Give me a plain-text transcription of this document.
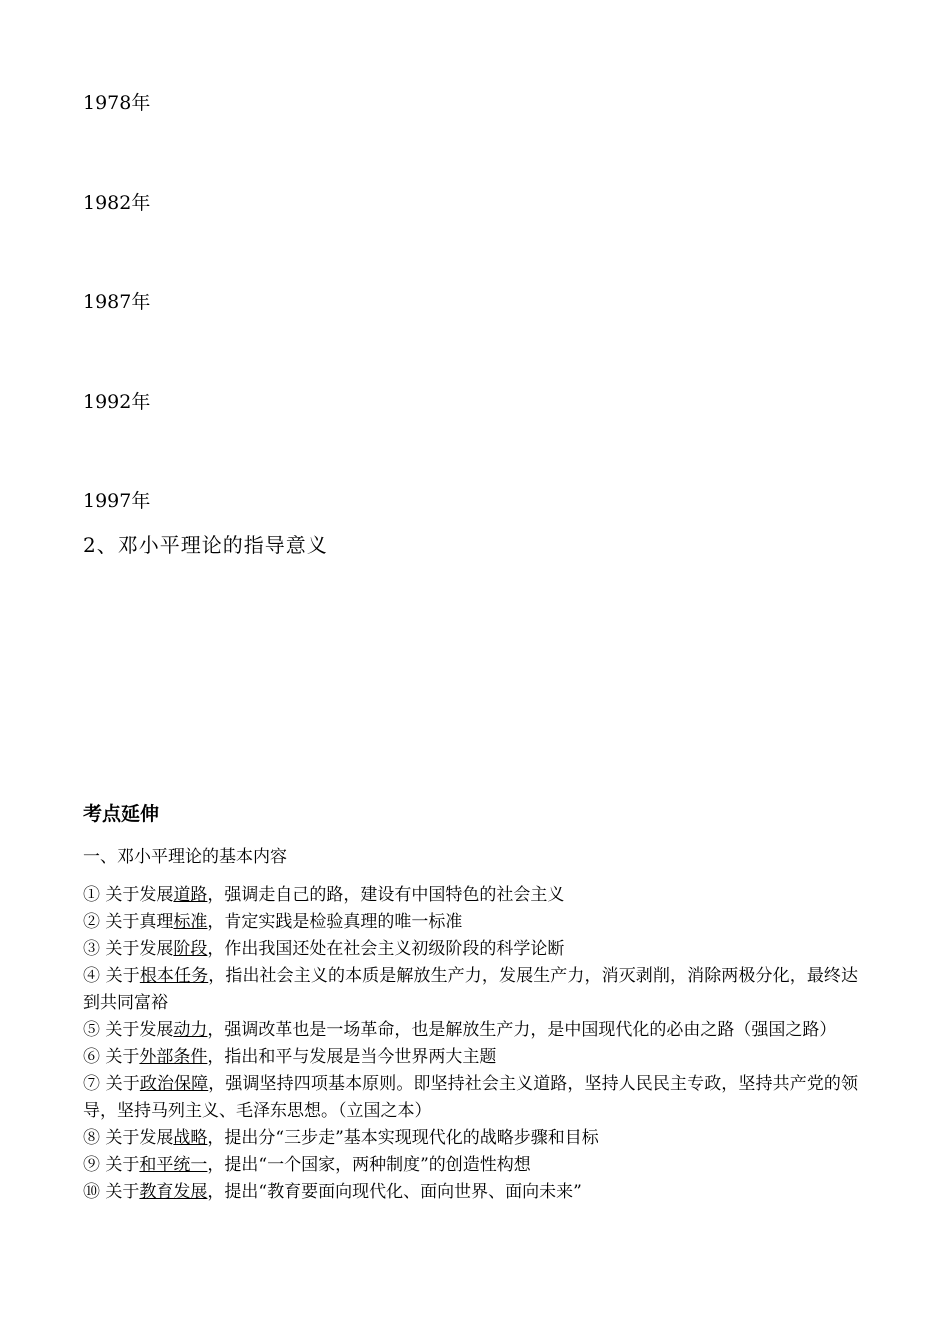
1978年
1982年
1987年
1992年
1997年
2、邓小平理论的指导意义
考点延伸
一、邓小平理论的基本内容

① 关于发展道路，强调走自己的路，建设有中国特色的社会主义

② 关于真理标准，肯定实践是检验真理的唯一标准

③ 关于发展阶段，作出我国还处在社会主义初级阶段的科学论断

④ 关于根本任务，指出社会主义的本质是解放生产力，发展生产力，消灭剥削，消除两极分化，最终达到共同富裕

⑤ 关于发展动力，强调改革也是一场革命，也是解放生产力，是中国现代化的必由之路（强国之路）

⑥ 关于外部条件，指出和平与发展是当今世界两大主题

⑦ 关于政治保障，强调坚持四项基本原则。即坚持社会主义道路，坚持人民民主专政，坚持共产党的领导，坚持马列主义、毛泽东思想。（立国之本）

⑧ 关于发展战略，提出分“三步走”基本实现现代化的战略步骤和目标

⑨ 关于和平统一，提出“一个国家，两种制度”的创造性构想

⑩ 关于教育发展，提出“教育要面向现代化、面向世界、面向未来”
